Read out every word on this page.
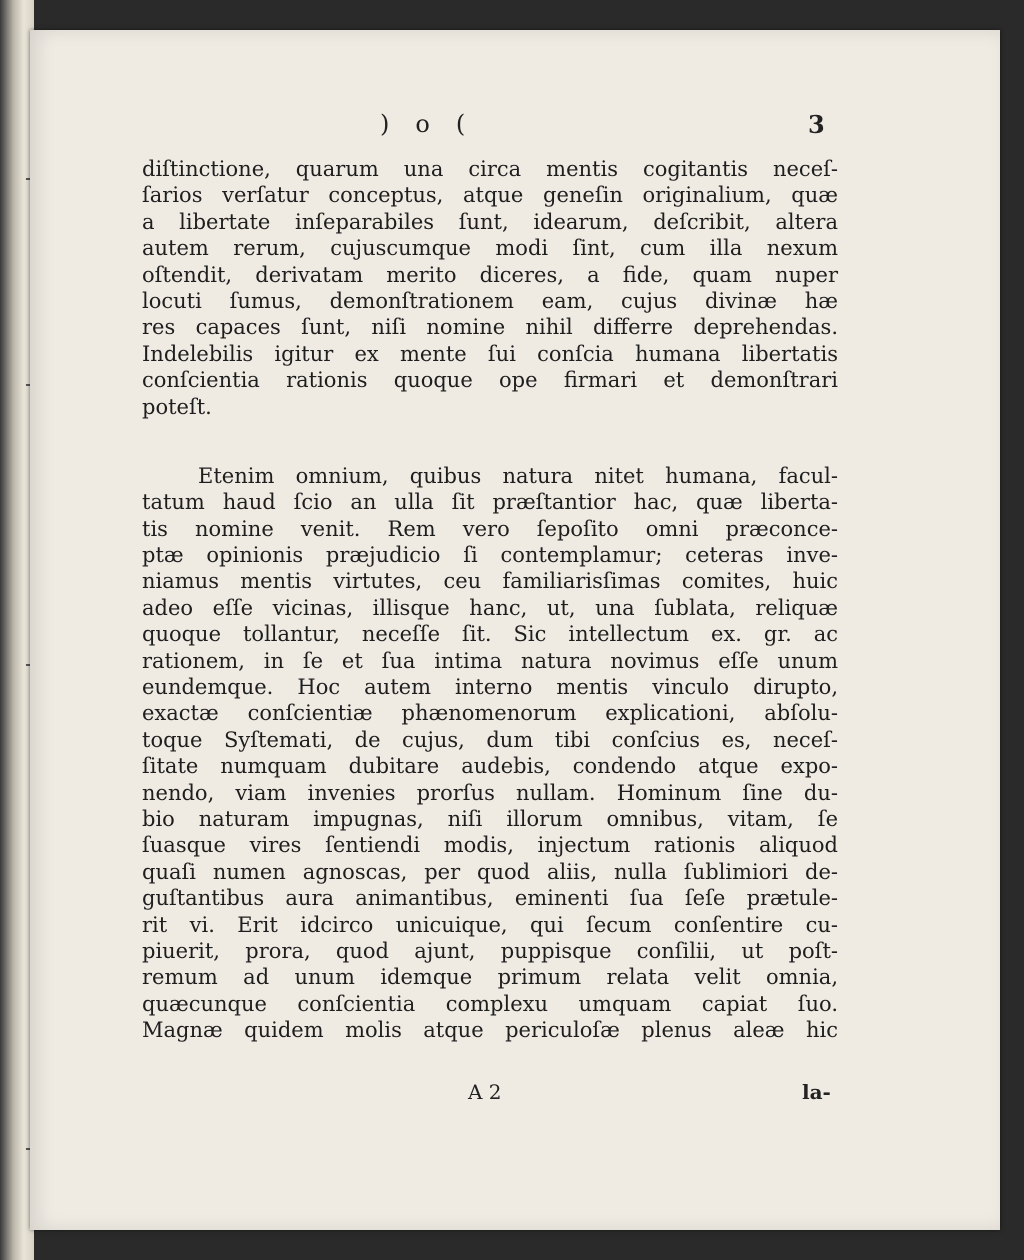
)o(	3

diſtinctione, quarum una circa mentis cogitantis neceſ-
ſarios verſatur conceptus, atque geneſin originalium, quæ
a libertate inſeparabiles ſunt, idearum, deſcribit, altera
autem rerum, cujuscumque modi ſint, cum illa nexum
oſtendit, derivatam merito diceres, a fide, quam nuper
locuti ſumus, demonſtrationem eam, cujus divinæ hæ
res capaces ſunt, niſi nomine nihil differre deprehendas.
Indelebilis igitur ex mente ſui conſcia humana libertatis
conſcientia rationis quoque ope firmari et demonſtrari
poteſt.

Etenim omnium, quibus natura nitet humana, facul-
tatum haud ſcio an ulla ſit præſtantior hac, quæ liberta-
tis nomine venit. Rem vero ſepoſito omni præconce-
ptæ opinionis præjudicio ſi contemplamur; ceteras inve-
niamus mentis virtutes, ceu familiarisſimas comites, huic
adeo eſſe vicinas, illisque hanc, ut, una ſublata, reliquæ
quoque tollantur, neceſſe ſit. Sic intellectum ex. gr. ac
rationem, in ſe et ſua intima natura novimus eſſe unum
eundemque. Hoc autem interno mentis vinculo dirupto,
exactæ conſcientiæ phænomenorum explicationi, abſolu-
toque Syſtemati, de cujus, dum tibi conſcius es, neceſ-
ſitate numquam dubitare audebis, condendo atque expo-
nendo, viam invenies prorſus nullam. Hominum ſine du-
bio naturam impugnas, niſi illorum omnibus, vitam, ſe
ſuasque vires ſentiendi modis, injectum rationis aliquod
quaſi numen agnoscas, per quod aliis, nulla ſublimiori de-
guſtantibus aura animantibus, eminenti ſua ſeſe prætule-
rit vi. Erit idcirco unicuique, qui ſecum conſentire cu-
piuerit, prora, quod ajunt, puppisque conſilii, ut poſt-
remum ad unum idemque primum relata velit omnia,
quæcunque conſcientia complexu umquam capiat ſuo.
Magnæ quidem molis atque periculoſæ plenus aleæ hic

A 2	la-
